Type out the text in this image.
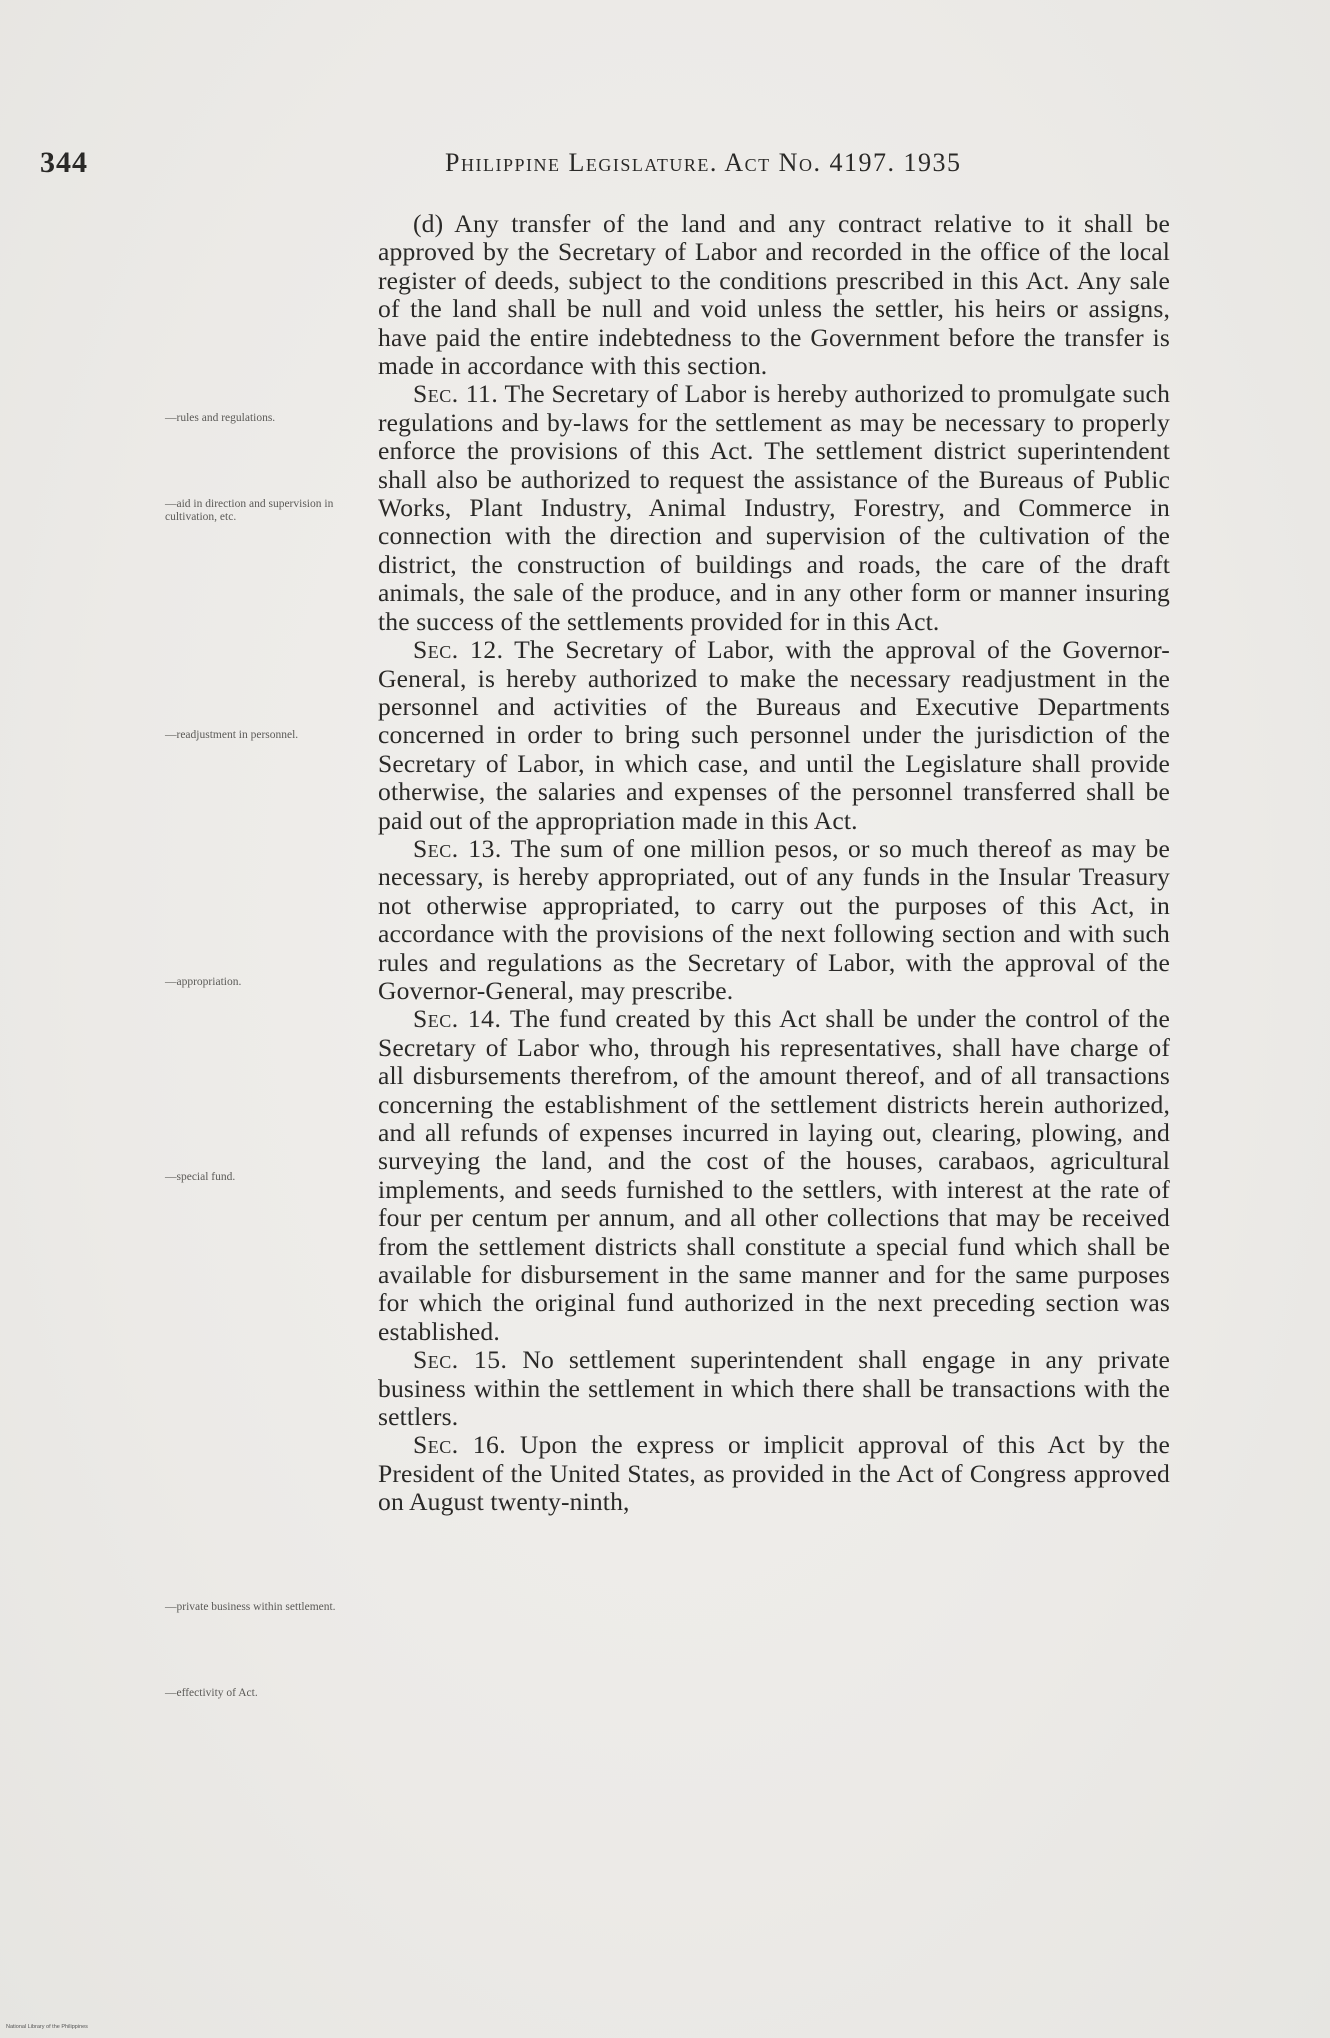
344	Philippine Legislature. Act No. 4197. 1935
—rules and regulations.
—aid in direction and supervision in cultivation, etc.
—readjustment in personnel.
—appropriation.
—special fund.
—private business within settlement.
—effectivity of Act.

(d) Any transfer of the land and any contract relative to it shall be approved by the Secretary of Labor and recorded in the office of the local register of deeds, subject to the conditions prescribed in this Act. Any sale of the land shall be null and void unless the settler, his heirs or assigns, have paid the entire indebtedness to the Government before the transfer is made in accordance with this section.

Sec. 11. The Secretary of Labor is hereby authorized to promulgate such regulations and by-laws for the settlement as may be necessary to properly enforce the provisions of this Act. The settlement district superintendent shall also be authorized to request the assistance of the Bureaus of Public Works, Plant Industry, Animal Industry, Forestry, and Commerce in connection with the direction and supervision of the cultivation of the district, the construction of buildings and roads, the care of the draft animals, the sale of the produce, and in any other form or manner insuring the success of the settlements provided for in this Act.

Sec. 12. The Secretary of Labor, with the approval of the Governor-General, is hereby authorized to make the necessary readjustment in the personnel and activities of the Bureaus and Executive Departments concerned in order to bring such personnel under the jurisdiction of the Secretary of Labor, in which case, and until the Legislature shall provide otherwise, the salaries and expenses of the personnel transferred shall be paid out of the appropriation made in this Act.

Sec. 13. The sum of one million pesos, or so much thereof as may be necessary, is hereby appropriated, out of any funds in the Insular Treasury not otherwise appropriated, to carry out the purposes of this Act, in accordance with the provisions of the next following section and with such rules and regulations as the Secretary of Labor, with the approval of the Governor-General, may prescribe.

Sec. 14. The fund created by this Act shall be under the control of the Secretary of Labor who, through his representatives, shall have charge of all disbursements therefrom, of the amount thereof, and of all transactions concerning the establishment of the settlement districts herein authorized, and all refunds of expenses incurred in laying out, clearing, plowing, and surveying the land, and the cost of the houses, carabaos, agricultural implements, and seeds furnished to the settlers, with interest at the rate of four per centum per annum, and all other collections that may be received from the settlement districts shall constitute a special fund which shall be available for disbursement in the same manner and for the same purposes for which the original fund authorized in the next preceding section was established.

Sec. 15. No settlement superintendent shall engage in any private business within the settlement in which there shall be transactions with the settlers.

Sec. 16. Upon the express or implicit approval of this Act by the President of the United States, as provided in the Act of Congress approved on August twenty-ninth,

National Library of the Philippines
